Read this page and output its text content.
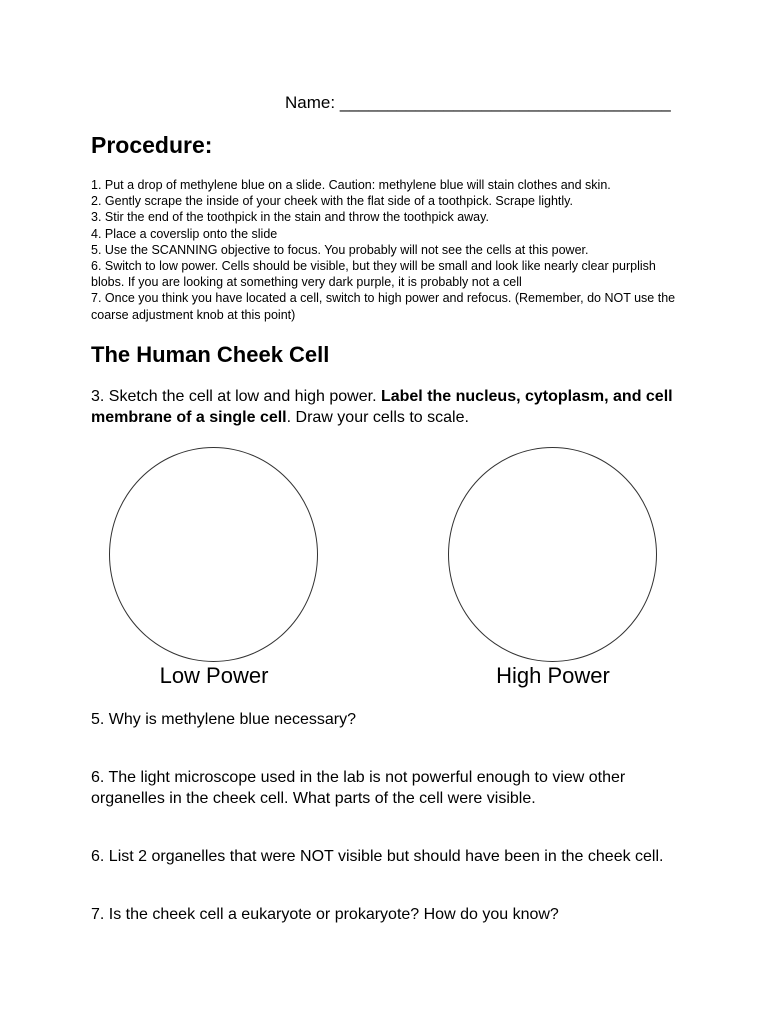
Name: ___________________________________
Procedure:
1. Put a drop of methylene blue on a slide. Caution: methylene blue will stain clothes and skin.
2. Gently scrape the inside of your cheek with the flat side of a toothpick. Scrape lightly.
3. Stir the end of the toothpick in the stain and throw the toothpick away.
4. Place a coverslip onto the slide
5. Use the SCANNING objective to focus. You probably will not see the cells at this power.
6. Switch to low power. Cells should be visible, but they will be small and look like nearly clear purplish blobs. If you are looking at something very dark purple, it is probably not a cell
7. Once you think you have located a cell, switch to high power and refocus. (Remember, do NOT use the coarse adjustment knob at this point)
The Human Cheek Cell

3. Sketch the cell at low and high power. Label the nucleus, cytoplasm, and cell membrane of a single cell. Draw your cells to scale.

Low Power	High Power

5. Why is methylene blue necessary?

6. The light microscope used in the lab is not powerful enough to view other organelles in the cheek cell. What parts of the cell were visible.

6. List 2 organelles that were NOT visible but should have been in the cheek cell.

7. Is the cheek cell a eukaryote or prokaryote? How do you know?
